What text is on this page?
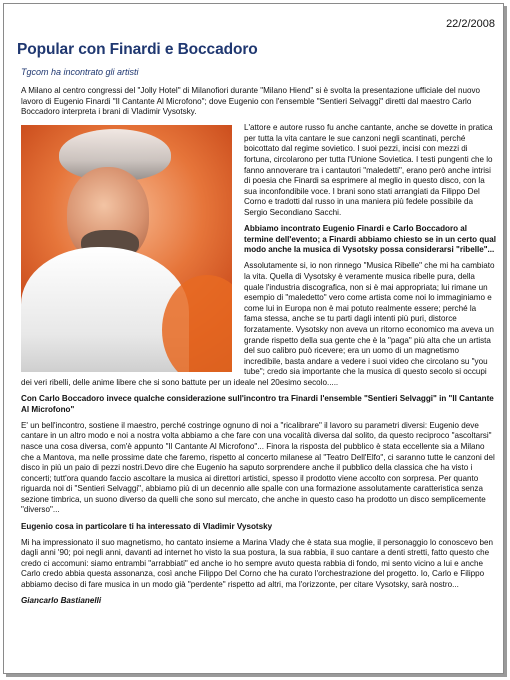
22/2/2008
Popular con Finardi e Boccadoro
Tgcom ha incontrato gli artisti

A Milano al centro congressi del "Jolly Hotel" di Milanofiori durante "Milano Hiend" si è svolta la presentazione ufficiale del nuovo lavoro di Eugenio Finardi "Il Cantante Al Microfono"; dove Eugenio con l'ensemble "Sentieri Selvaggi" diretti dal maestro Carlo Boccadoro interpreta i brani di Vladimir Vysotsky.

L'attore e autore russo fu anche cantante, anche se dovette in pratica per tutta la vita cantare le sue canzoni negli scantinati, perché boicottato dal regime sovietico. I suoi pezzi, incisi con mezzi di fortuna, circolarono per tutta l'Unione Sovietica. I testi pungenti che lo fanno annoverare tra i cantautori "maledetti", erano però anche intrisi di poesia che Finardi sa esprimere al meglio in questo disco, con la sua inconfondibile voce. I brani sono stati arrangiati da Filippo Del Corno e tradotti dal russo in una maniera più fedele possibile da Sergio Secondiano Sacchi.

Abbiamo incontrato Eugenio Finardi e Carlo Boccadoro al termine dell'evento; a Finardi abbiamo chiesto se in un certo qual modo anche la musica di Vysotsky possa considerarsi "ribelle"...

Assolutamente si, io non rinnego "Musica Ribelle" che mi ha cambiato la vita. Quella di Vysotsky è veramente musica ribelle pura, della quale l'industria discografica, non si è mai appropriata; lui rimane un esempio di "maledetto" vero come artista come noi lo immaginiamo e come lui in Europa non è mai potuto realmente essere; perché la fama stessa, anche se tu parti dagli intenti più puri, distorce forzatamente. Vysotsky non aveva un ritorno economico ma aveva un grande rispetto della sua gente che è la "paga" più alta che un artista del suo calibro può ricevere; era un uomo di un magnetismo incredibile, basta andare a vedere i suoi video che circolano su "you tube"; credo sia importante che la musica di questo secolo si occupi dei veri ribelli, delle anime libere che si sono battute per un ideale nel 20esimo secolo.....

Con Carlo Boccadoro invece qualche considerazione sull'incontro tra Finardi l'ensemble "Sentieri Selvaggi" in "Il Cantante Al Microfono"

E' un bell'incontro, sostiene il maestro, perché costringe ognuno di noi a "ricalibrare" il lavoro su parametri diversi: Eugenio deve cantare in un altro modo e noi a nostra volta abbiamo a che fare con una vocalità diversa dal solito, da questo reciproco "ascoltarsi" nasce una cosa diversa, com'è appunto "Il Cantante Al Microfono"... Finora la risposta del pubblico è stata eccellente sia a Milano che a Mantova, ma nelle prossime date che faremo, rispetto al concerto milanese al "Teatro Dell'Elfo", ci saranno tutte le canzoni del disco in più un paio di pezzi nostri.Devo dire che Eugenio ha saputo sorprendere anche il pubblico della classica che ha visto i concerti; tutt'ora quando faccio ascoltare la musica ai direttori artistici, spesso il prodotto viene accolto con sorpresa. Per quanto riguarda noi di "Sentieri Selvaggi", abbiamo più di un decennio alle spalle con una formazione assolutamente caratteristica senza sezione timbrica, un suono diverso da quelli che sono sul mercato, che anche in questo caso ha prodotto un disco semplicemente "diverso"...

Eugenio cosa in particolare ti ha interessato di Vladimir Vysotsky

Mi ha impressionato il suo magnetismo, ho cantato insieme a Marina Vlady che è stata sua moglie, il personaggio lo conoscevo ben dagli anni '90; poi negli anni, davanti ad internet ho visto la sua postura, la sua rabbia, il suo cantare a denti stretti, fatto questo che credo ci accomuni: siamo entrambi "arrabbiati" ed anche io ho sempre avuto questa rabbia di fondo, mi sento vicino a lui e anche Carlo credo abbia questa assonanza, così anche Filippo Del Corno che ha curato l'orchestrazione del progetto. Io, Carlo e Filippo abbiamo deciso di fare musica in un modo già "perdente" rispetto ad altri, ma l'orizzonte, per citare Vysotsky, sarà nostro...

Giancarlo Bastianelli
